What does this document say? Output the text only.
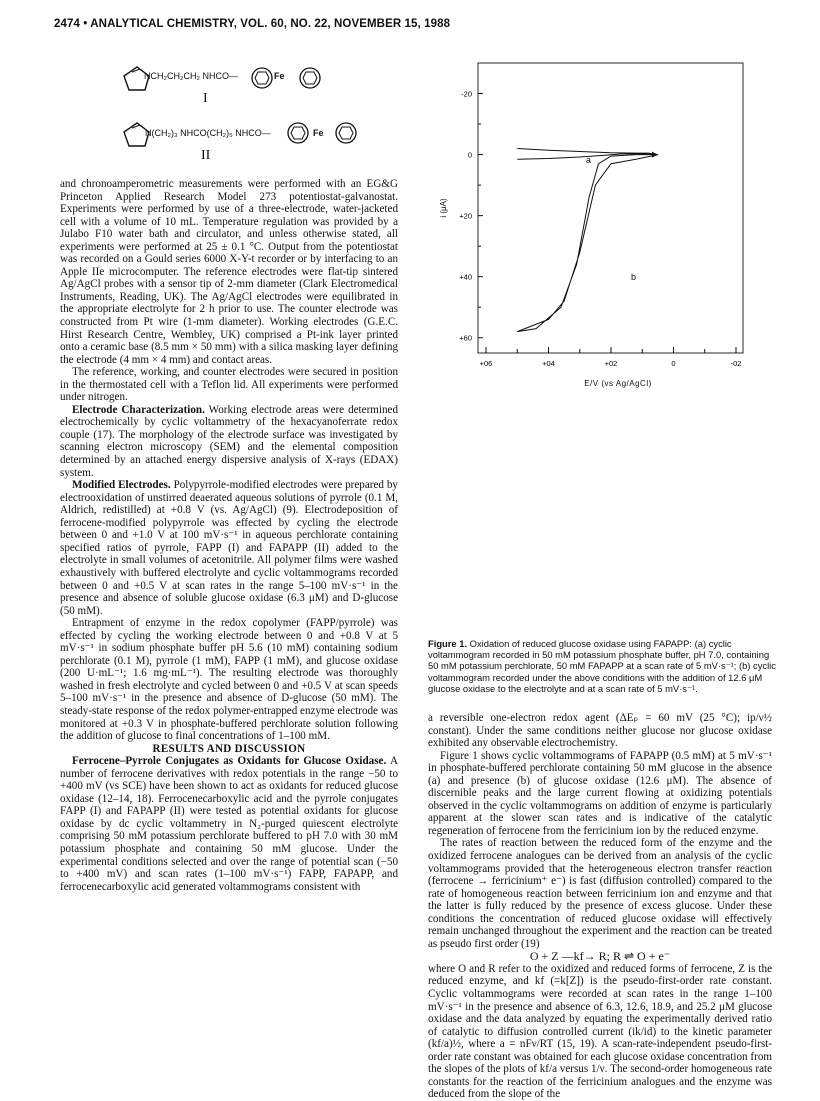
2474 • ANALYTICAL CHEMISTRY, VOL. 60, NO. 22, NOVEMBER 15, 1988
NCH₂CH₂CH₂ NHCO—	Fe
I
N(CH₂)₃ NHCO(CH₂)₅ NHCO—	Fe
II

and chronoamperometric measurements were performed with an EG&G Princeton Applied Research Model 273 potentiostat-galvanostat. Experiments were performed by use of a three-electrode, water-jacketed cell with a volume of 10 mL. Temperature regulation was provided by a Julabo F10 water bath and circulator, and unless otherwise stated, all experiments were performed at 25 ± 0.1 °C. Output from the potentiostat was recorded on a Gould series 6000 X-Y-t recorder or by interfacing to an Apple IIe microcomputer. The reference electrodes were flat-tip sintered Ag/AgCl probes with a sensor tip of 2-mm diameter (Clark Electromedical Instruments, Reading, UK). The Ag/AgCl electrodes were equilibrated in the appropriate electrolyte for 2 h prior to use. The counter electrode was constructed from Pt wire (1-mm diameter). Working electrodes (G.E.C. Hirst Research Centre, Wembley, UK) comprised a Pt-ink layer printed onto a ceramic base (8.5 mm × 50 mm) with a silica masking layer defining the electrode (4 mm × 4 mm) and contact areas.

The reference, working, and counter electrodes were secured in position in the thermostated cell with a Teflon lid. All experiments were performed under nitrogen.

Electrode Characterization. Working electrode areas were determined electrochemically by cyclic voltammetry of the hexacyanoferrate redox couple (17). The morphology of the electrode surface was investigated by scanning electron microscopy (SEM) and the elemental composition determined by an attached energy dispersive analysis of X-rays (EDAX) system.

Modified Electrodes. Polypyrrole-modified electrodes were prepared by electrooxidation of unstirred deaerated aqueous solutions of pyrrole (0.1 M, Aldrich, redistilled) at +0.8 V (vs. Ag/AgCl) (9). Electrodeposition of ferrocene-modified polypyrrole was effected by cycling the electrode between 0 and +1.0 V at 100 mV·s⁻¹ in aqueous perchlorate containing specified ratios of pyrrole, FAPP (I) and FAPAPP (II) added to the electrolyte in small volumes of acetonitrile. All polymer films were washed exhaustively with buffered electrolyte and cyclic voltammograms recorded between 0 and +0.5 V at scan rates in the range 5–100 mV·s⁻¹ in the presence and absence of soluble glucose oxidase (6.3 μM) and D-glucose (50 mM).

Entrapment of enzyme in the redox copolymer (FAPP/pyrrole) was effected by cycling the working electrode between 0 and +0.8 V at 5 mV·s⁻¹ in sodium phosphate buffer pH 5.6 (10 mM) containing sodium perchlorate (0.1 M), pyrrole (1 mM), FAPP (1 mM), and glucose oxidase (200 U·mL⁻¹; 1.6 mg·mL⁻¹). The resulting electrode was thoroughly washed in fresh electrolyte and cycled between 0 and +0.5 V at scan speeds 5–100 mV·s⁻¹ in the presence and absence of D-glucose (50 mM). The steady-state response of the redox polymer-entrapped enzyme electrode was monitored at +0.3 V in phosphate-buffered perchlorate solution following the addition of glucose to final concentrations of 1–100 mM.

RESULTS AND DISCUSSION

Ferrocene–Pyrrole Conjugates as Oxidants for Glucose Oxidase. A number of ferrocene derivatives with redox potentials in the range −50 to +400 mV (vs SCE) have been shown to act as oxidants for reduced glucose oxidase (12–14, 18). Ferrocenecarboxylic acid and the pyrrole conjugates FAPP (I) and FAPAPP (II) were tested as potential oxidants for glucose oxidase by dc cyclic voltammetry in N₂-purged quiescent electrolyte comprising 50 mM potassium perchlorate buffered to pH 7.0 with 30 mM potassium phosphate and containing 50 mM glucose. Under the experimental conditions selected and over the range of potential scan (−50 to +400 mV) and scan rates (1–100 mV·s⁻¹) FAPP, FAPAPP, and ferrocenecarboxylic acid generated voltammograms consistent with

-20
0
+20
+40
+60
+06	+04	+02	0	-02
i (μA)
E/V (vs Ag/AgCl)
a
b
Figure 1. Oxidation of reduced glucose oxidase using FAPAPP: (a) cyclic voltammogram recorded in 50 mM potassium phosphate buffer, pH 7.0, containing 50 mM potassium perchlorate, 50 mM FAPAPP at a scan rate of 5 mV·s⁻¹; (b) cyclic voltammogram recorded under the above conditions with the addition of 12.6 μM glucose oxidase to the electrolyte and at a scan rate of 5 mV·s⁻¹.

a reversible one-electron redox agent (ΔEₚ = 60 mV (25 °C); ip/ν½ constant). Under the same conditions neither glucose nor glucose oxidase exhibited any observable electrochemistry.

Figure 1 shows cyclic voltammograms of FAPAPP (0.5 mM) at 5 mV·s⁻¹ in phosphate-buffered perchlorate containing 50 mM glucose in the absence (a) and presence (b) of glucose oxidase (12.6 μM). The absence of discernible peaks and the large current flowing at oxidizing potentials observed in the cyclic voltammograms on addition of enzyme is particularly apparent at the slower scan rates and is indicative of the catalytic regeneration of ferrocene from the ferricinium ion by the reduced enzyme.

The rates of reaction between the reduced form of the enzyme and the oxidized ferrocene analogues can be derived from an analysis of the cyclic voltammograms provided that the heterogeneous electron transfer reaction (ferrocene → ferricinium⁺ e⁻) is fast (diffusion controlled) compared to the rate of homogeneous reaction between ferricinium ion and enzyme and that the latter is fully reduced by the presence of excess glucose. Under these conditions the concentration of reduced glucose oxidase will effectively remain unchanged throughout the experiment and the reaction can be treated as pseudo first order (19)

O + Z —kf→ R; R ⇌ O + e⁻

where O and R refer to the oxidized and reduced forms of ferrocene, Z is the reduced enzyme, and kf (=k[Z]) is the pseudo-first-order rate constant. Cyclic voltammograms were recorded at scan rates in the range 1–100 mV·s⁻¹ in the presence and absence of 6.3, 12.6, 18.9, and 25.2 μM glucose oxidase and the data analyzed by equating the experimentally derived ratio of catalytic to diffusion controlled current (ik/id) to the kinetic parameter (kf/a)½, where a = nFν/RT (15, 19). A scan-rate-independent pseudo-first-order rate constant was obtained for each glucose oxidase concentration from the slopes of the plots of kf/a versus 1/ν. The second-order homogeneous rate constants for the reaction of the ferricinium analogues and the enzyme was deduced from the slope of the
